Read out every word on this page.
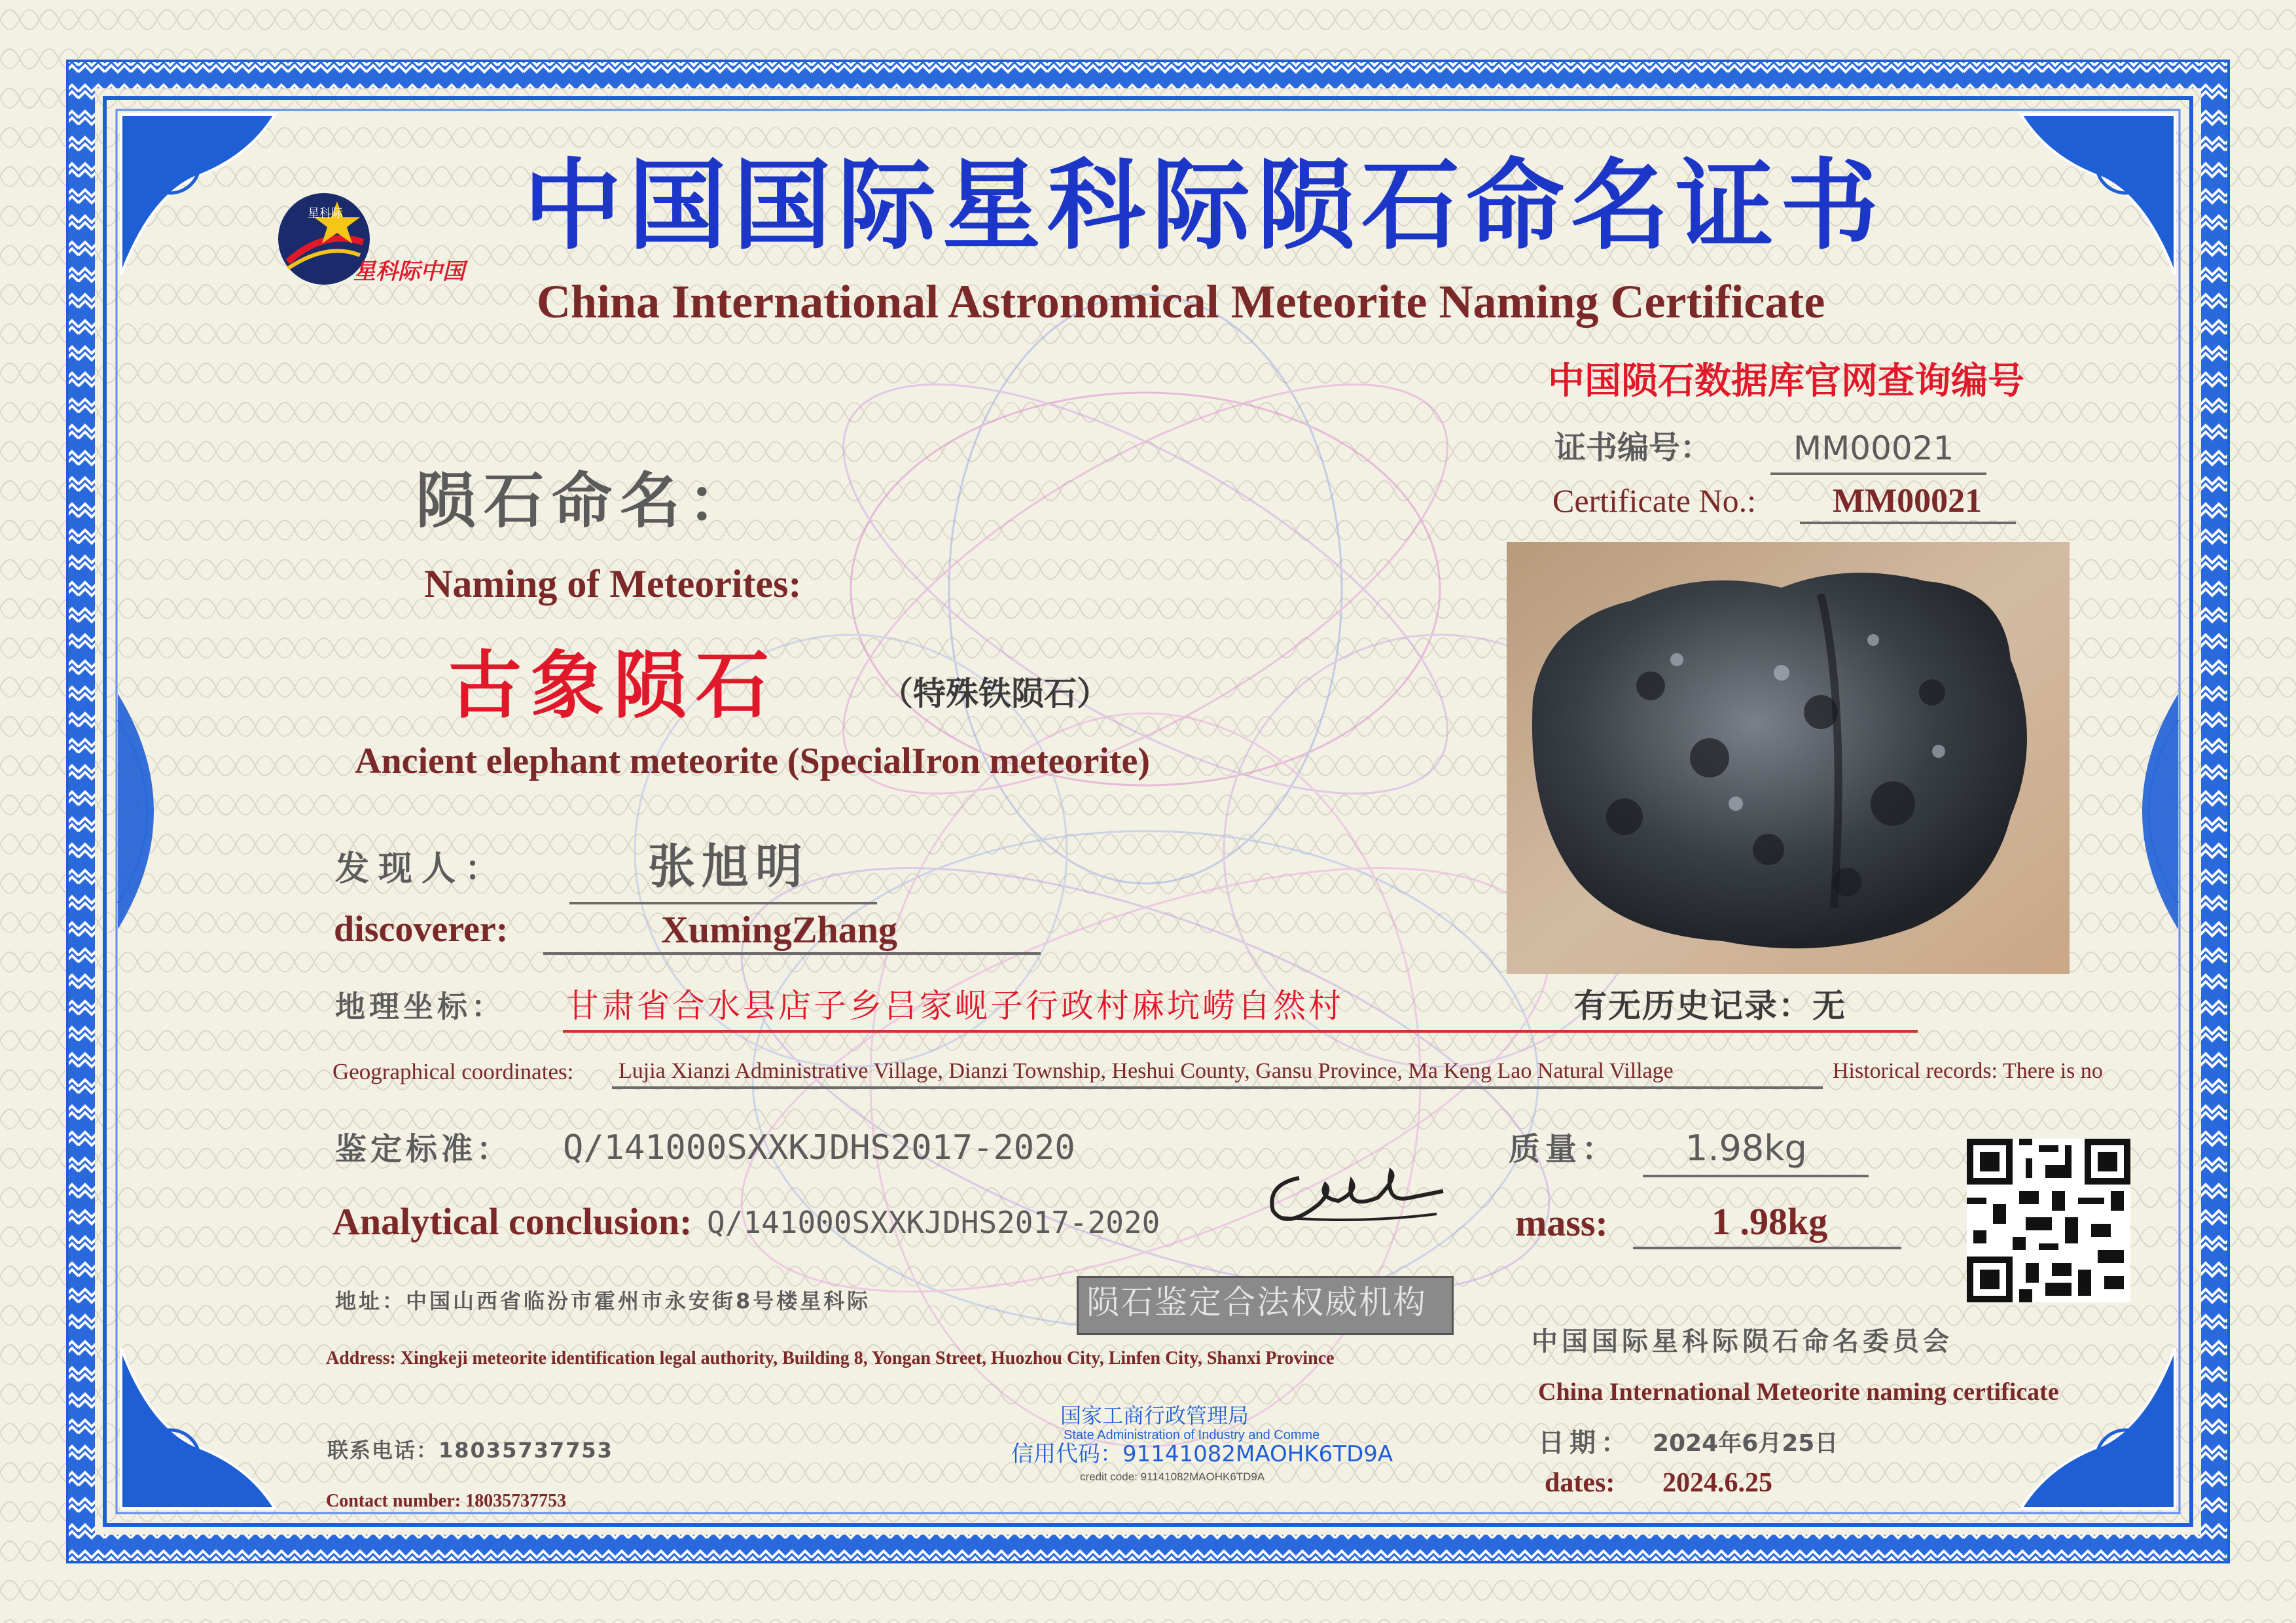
星科际
星科际中国
中国国际星科际陨石命名证书
China International Astronomical Meteorite Naming Certificate
中国陨石数据库官网查询编号
证书编号： MM00021
Certificate No.: MM00021
陨石命名：
Naming of Meteorites:
古象陨石	（特殊铁陨石）
Ancient elephant meteorite (SpecialIron meteorite)
发现人：	张旭明
discoverer:	XumingZhang
地理坐标： 甘肃省合水县店子乡吕家岘子行政村麻坑崂自然村	有无历史记录：无
Geographical coordinates: Lujia Xianzi Administrative Village, Dianzi Township, Heshui County, Gansu Province, Ma Keng Lao Natural Village	Historical records: There is no
鉴定标准： Q/141000SXXKJDHS2017-2020
Analytical conclusion: Q/141000SXXKJDHS2017-2020
质量： 1.98kg
mass:	1 .98kg
地址：中国山西省临汾市霍州市永安街8号楼星科际	陨石鉴定合法权威机构
Address: Xingkeji meteorite identification legal authority, Building 8, Yongan Street, Huozhou City, Linfen City, Shanxi Province
中国国际星科际陨石命名委员会
China International Meteorite naming certificate
国家工商行政管理局
State Administration of Industry and Comme
信用代码：91141082MAOHK6TD9A
credit code: 91141082MAOHK6TD9A
联系电话：18035737753
Contact number: 18035737753
日期： 2024年6月25日
dates: 2024.6.25
